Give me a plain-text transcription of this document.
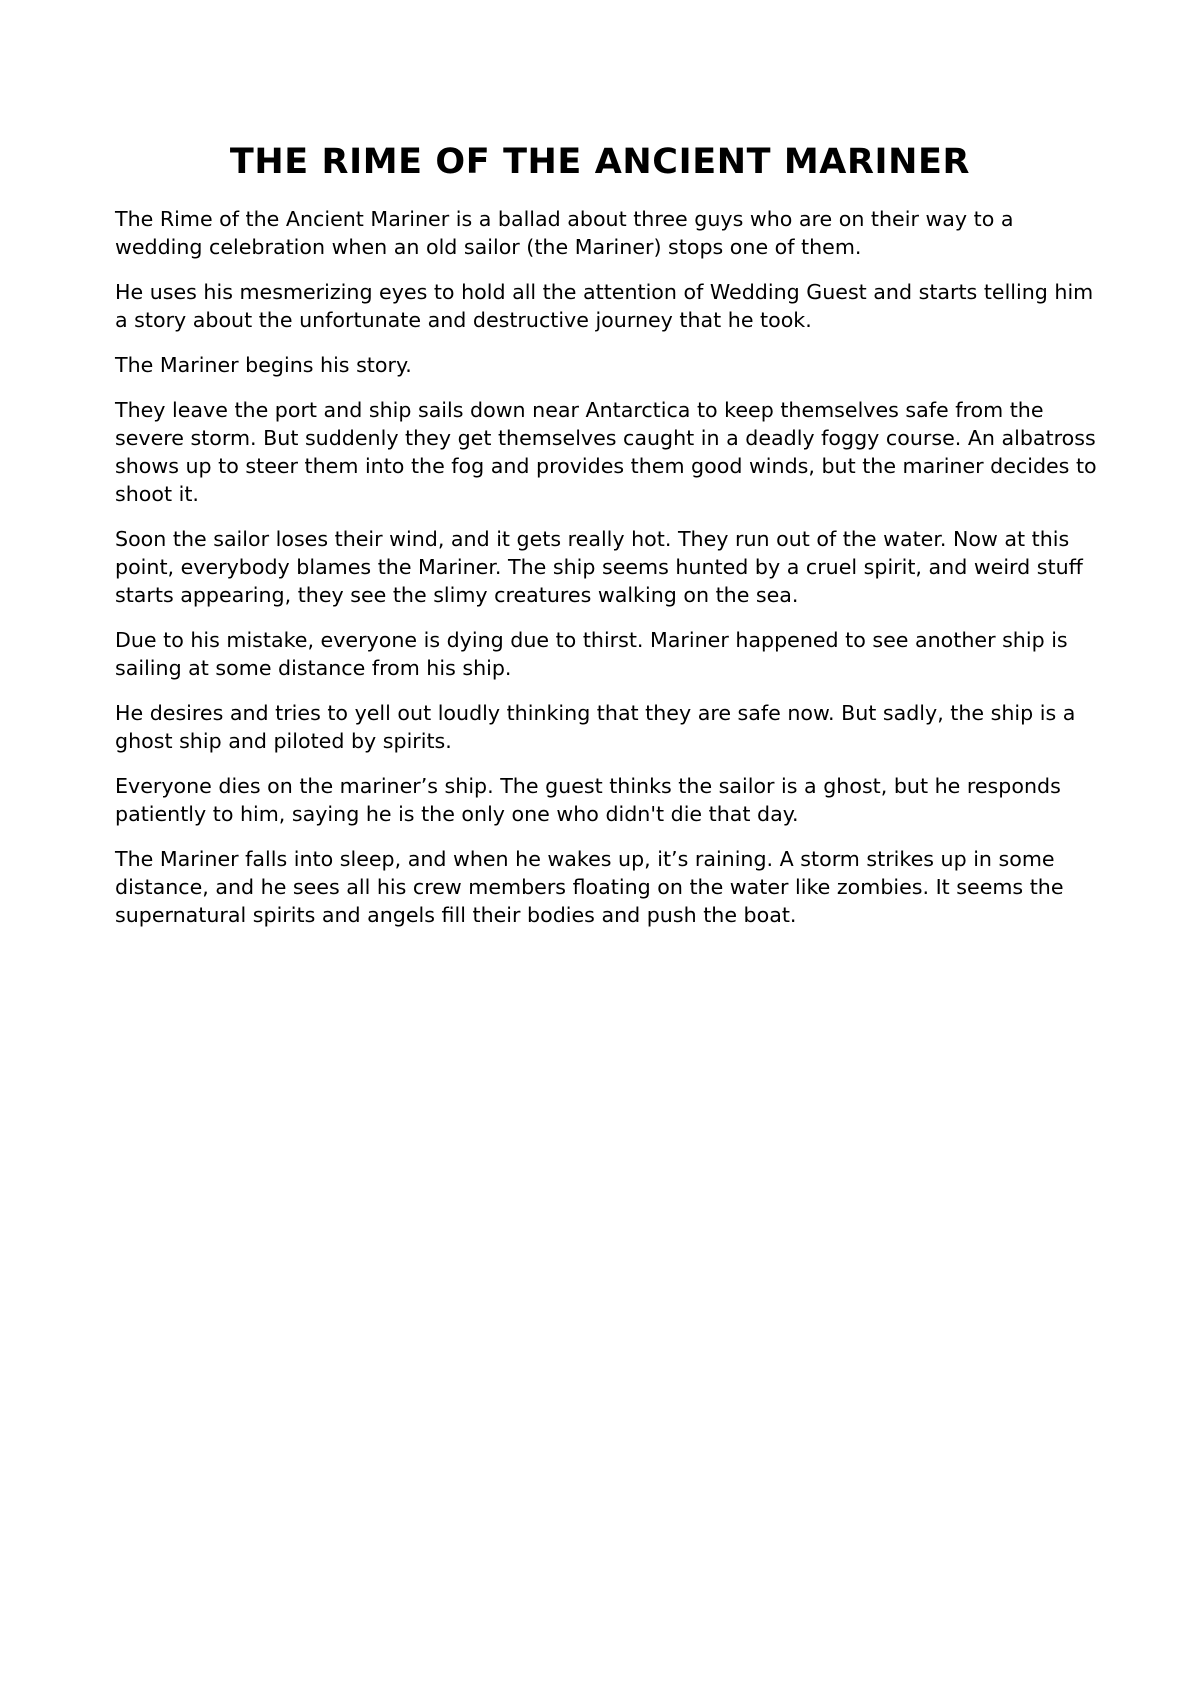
THE RIME OF THE ANCIENT MARINER

The Rime of the Ancient Mariner is a ballad about three guys who are on their way to a wedding celebration when an old sailor (the Mariner) stops one of them.

He uses his mesmerizing eyes to hold all the attention of Wedding Guest and starts telling him a story about the unfortunate and destructive journey that he took.

The Mariner begins his story.

They leave the port and ship sails down near Antarctica to keep themselves safe from the severe storm. But suddenly they get themselves caught in a deadly foggy course. An albatross shows up to steer them into the fog and provides them good winds, but the mariner decides to shoot it.

Soon the sailor loses their wind, and it gets really hot. They run out of the water. Now at this point, everybody blames the Mariner. The ship seems hunted by a cruel spirit, and weird stuff starts appearing, they see the slimy creatures walking on the sea.

Due to his mistake, everyone is dying due to thirst. Mariner happened to see another ship is sailing at some distance from his ship.

He desires and tries to yell out loudly thinking that they are safe now. But sadly, the ship is a ghost ship and piloted by spirits.

Everyone dies on the mariner’s ship. The guest thinks the sailor is a ghost, but he responds patiently to him, saying he is the only one who didn't die that day.

The Mariner falls into sleep, and when he wakes up, it’s raining. A storm strikes up in some distance, and he sees all his crew members floating on the water like zombies. It seems the supernatural spirits and angels fill their bodies and push the boat.
